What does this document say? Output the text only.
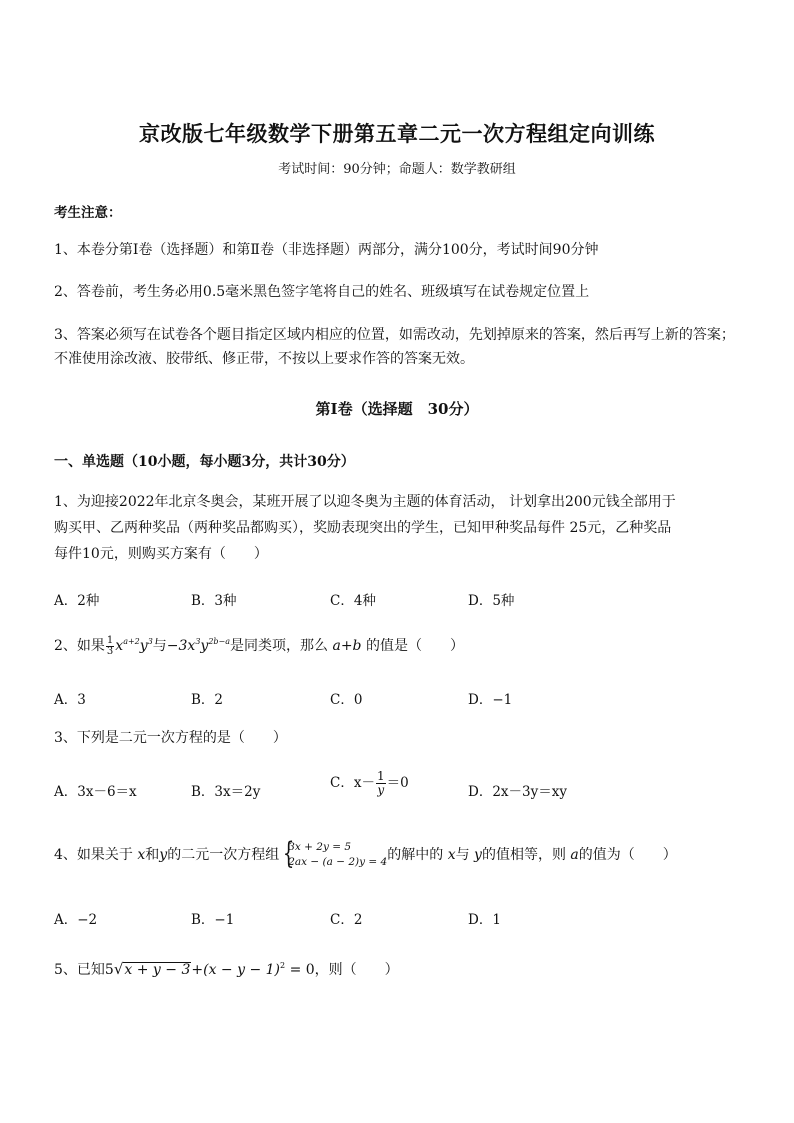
京改版七年级数学下册第五章二元一次方程组定向训练
考试时间：90分钟；命题人：数学教研组
考生注意：
1、本卷分第Ⅰ卷（选择题）和第Ⅱ卷（非选择题）两部分，满分100分，考试时间90分钟
2、答卷前，考生务必用0.5毫米黑色签字笔将自己的姓名、班级填写在试卷规定位置上
3、答案必须写在试卷各个题目指定区域内相应的位置，如需改动，先划掉原来的答案，然后再写上新的答案；不准使用涂改液、胶带纸、修正带，不按以上要求作答的答案无效。
第Ⅰ卷（选择题　30分）
一、单选题（10小题，每小题3分，共计30分）
1、为迎接2022年北京冬奥会，某班开展了以迎冬奥为主题的体育活动， 计划拿出200元钱全部用于
购买甲、乙两种奖品（两种奖品都购买），奖励表现突出的学生，已知甲种奖品每件 25元，乙种奖品
每件10元，则购买方案有（　　）
A．2种	B．3种	C．4种	D．5种
2、如果 $\frac{1}{3} x^{a+2}y^3$与$-3x^3y^{2b-a}$是同类项，那么 a+b 的值是（　　）
A．3	B．2	C．0	D．−1
3、下列是二元一次方程的是（　　）
A．3x－6＝x	B．3x＝2y
C．$x- \frac{1}{y} =0$
D．2x－3y＝xy
4、如果关于 x和y的二元一次方程组 {
3x + 2y = 5
2ax − (a − 2)y = 4 的解中的 x与 y的值相等，则 a的值为（　　）
A．−2	B．−1	C．2	D．1
5、已知$5√x + y - 3+(x - y - 1)^2 = 0$，则（　　）
